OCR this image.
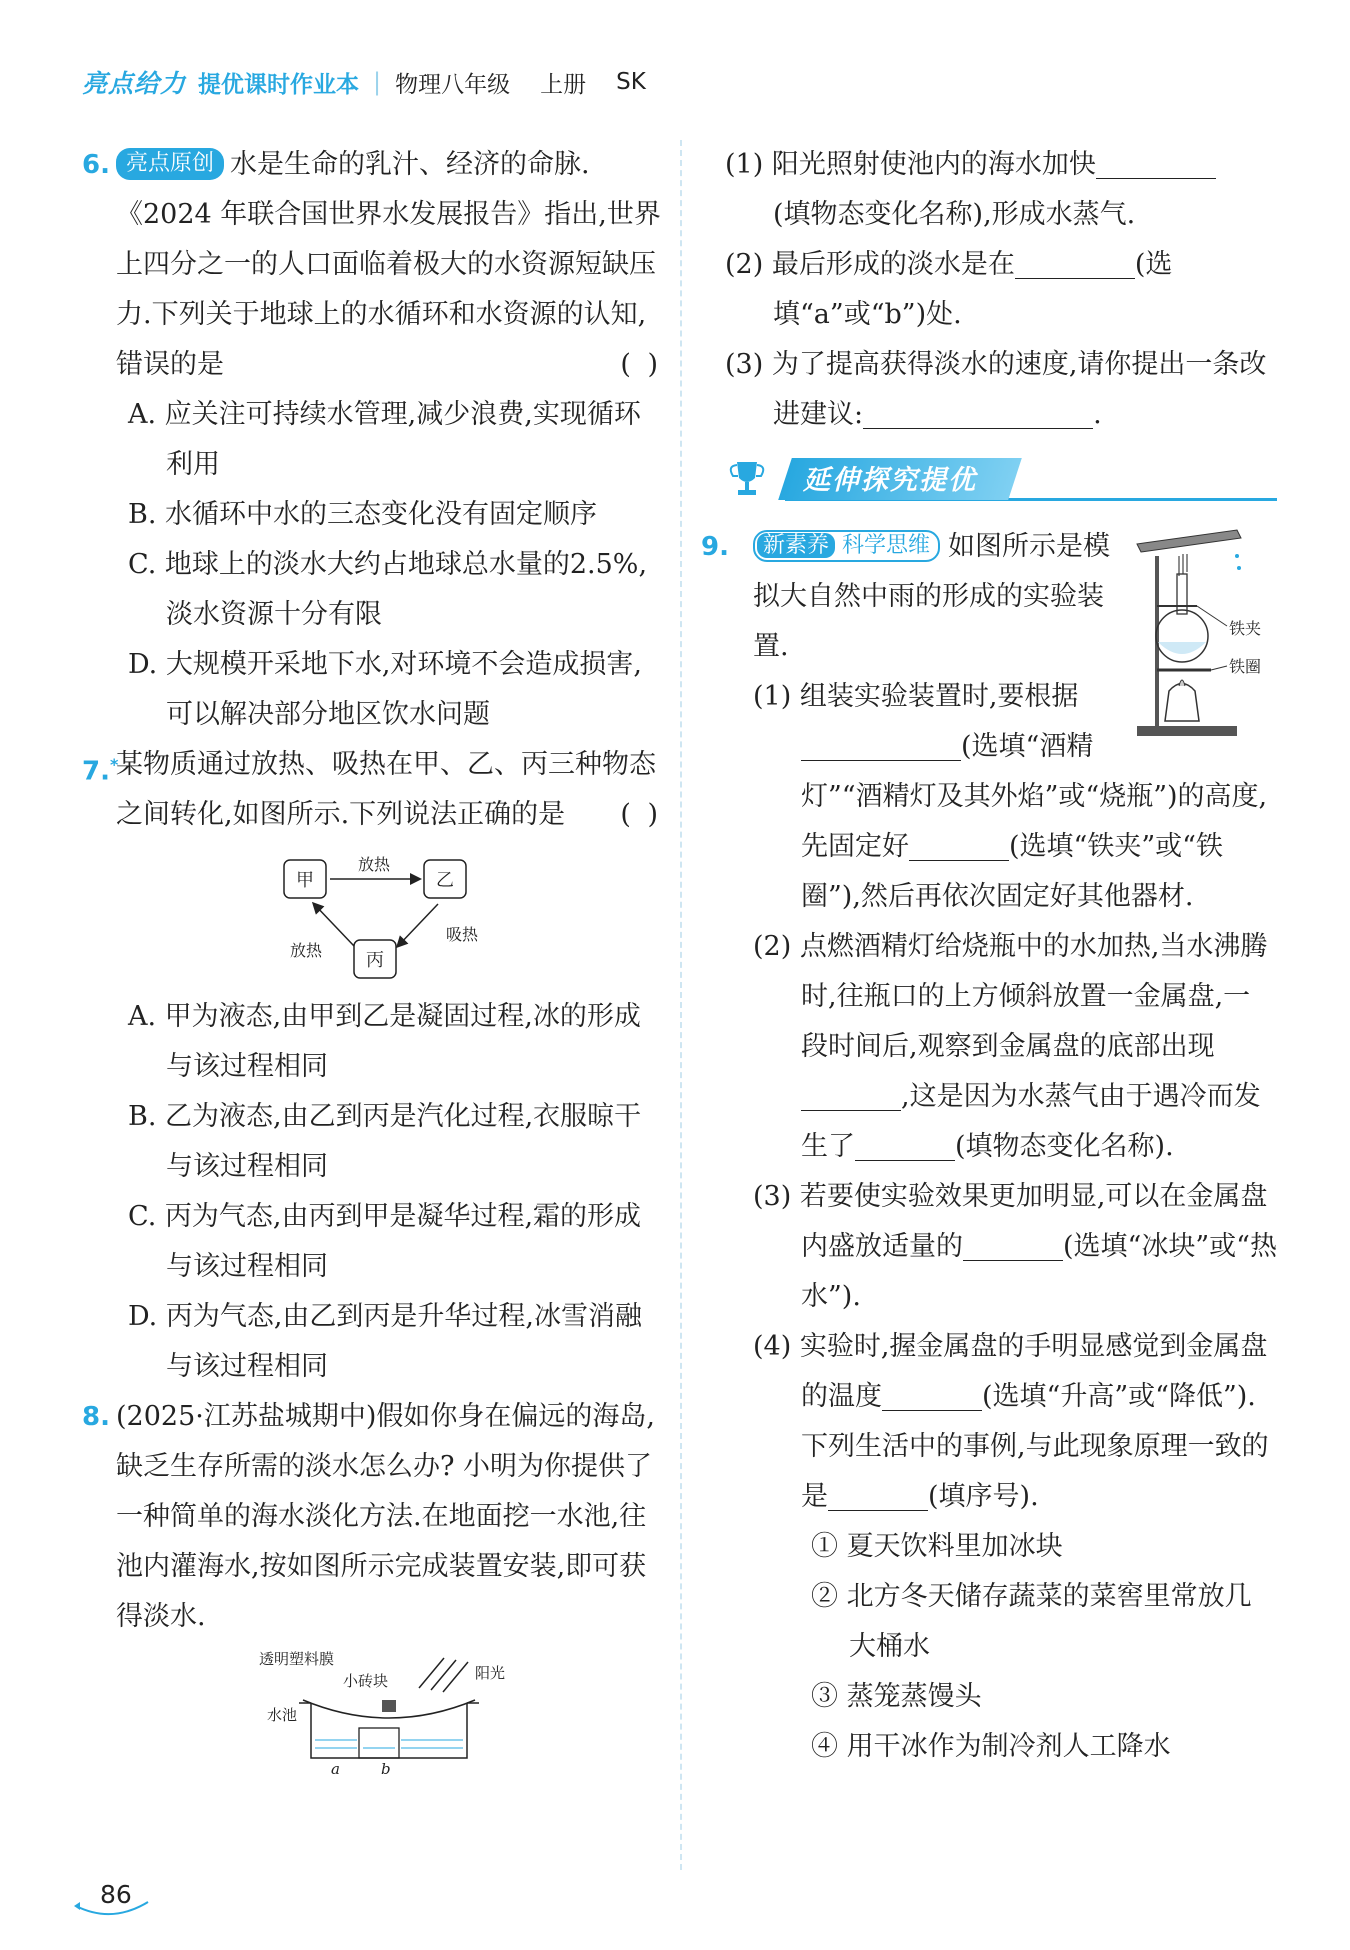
亮点给力 提优课时作业本 | 物理八年级 上册 SK
6. 亮点原创 水是生命的乳汁、经济的命脉.《2024 年联合国世界水发展报告》指出,世界上四分之一的人口面临着极大的水资源短缺压力.下列关于地球上的水循环和水资源的认知,错误的是	( )
A. 应关注可持续水管理,减少浪费,实现循环利用
B. 水循环中水的三态变化没有固定顺序
C. 地球上的淡水大约占地球总水量的2.5%,淡水资源十分有限
D. 大规模开采地下水,对环境不会造成损害,可以解决部分地区饮水问题
7.*
某物质通过放热、吸热在甲、乙、丙三种物态之间转化,如图所示.下列说法正确的是 ( )
甲	乙
丙
放热
放热
吸热
A. 甲为液态,由甲到乙是凝固过程,冰的形成与该过程相同
B. 乙为液态,由乙到丙是汽化过程,衣服晾干与该过程相同
C. 丙为气态,由丙到甲是凝华过程,霜的形成与该过程相同
D. 丙为气态,由乙到丙是升华过程,冰雪消融与该过程相同
8. (2025·江苏盐城期中)假如你身在偏远的海岛,缺乏生存所需的淡水怎么办? 小明为你提供了一种简单的海水淡化方法.在地面挖一水池,往池内灌海水,按如图所示完成装置安装,即可获得淡水.
透明塑料膜
小砖块	阳光
水池
a	b
(1) 阳光照射使池内的海水加快
(填物态变化名称),形成水蒸气.
(2) 最后形成的淡水是在	(选填“a”或“b”)处.
(3) 为了提高获得淡水的速度,请你提出一条改进建议:	.
延伸探究提优
9.
铁夹
铁圈
新素养 科学思维 如图所示是模拟大自然中雨的形成的实验装置.
(1) 组装实验装置时,要根据(选填“酒精灯”“酒精灯及其外焰”或“烧瓶”)的高度,先固定好	(选填“铁夹”或“铁圈”),然后再依次固定好其他器材.
(2) 点燃酒精灯给烧瓶中的水加热,当水沸腾时,往瓶口的上方倾斜放置一金属盘,一段时间后,观察到金属盘的底部出现,这是因为水蒸气由于遇冷而发生了	(填物态变化名称).
(3) 若要使实验效果更加明显,可以在金属盘内盛放适量的	(选填“冰块”或“热水”).
(4) 实验时,握金属盘的手明显感觉到金属盘的温度	(选填“升高”或“降低”).下列生活中的事例,与此现象原理一致的是	(填序号).
① 夏天饮料里加冰块
② 北方冬天储存蔬菜的菜窖里常放几大桶水
③ 蒸笼蒸馒头
④ 用干冰作为制冷剂人工降水
86
